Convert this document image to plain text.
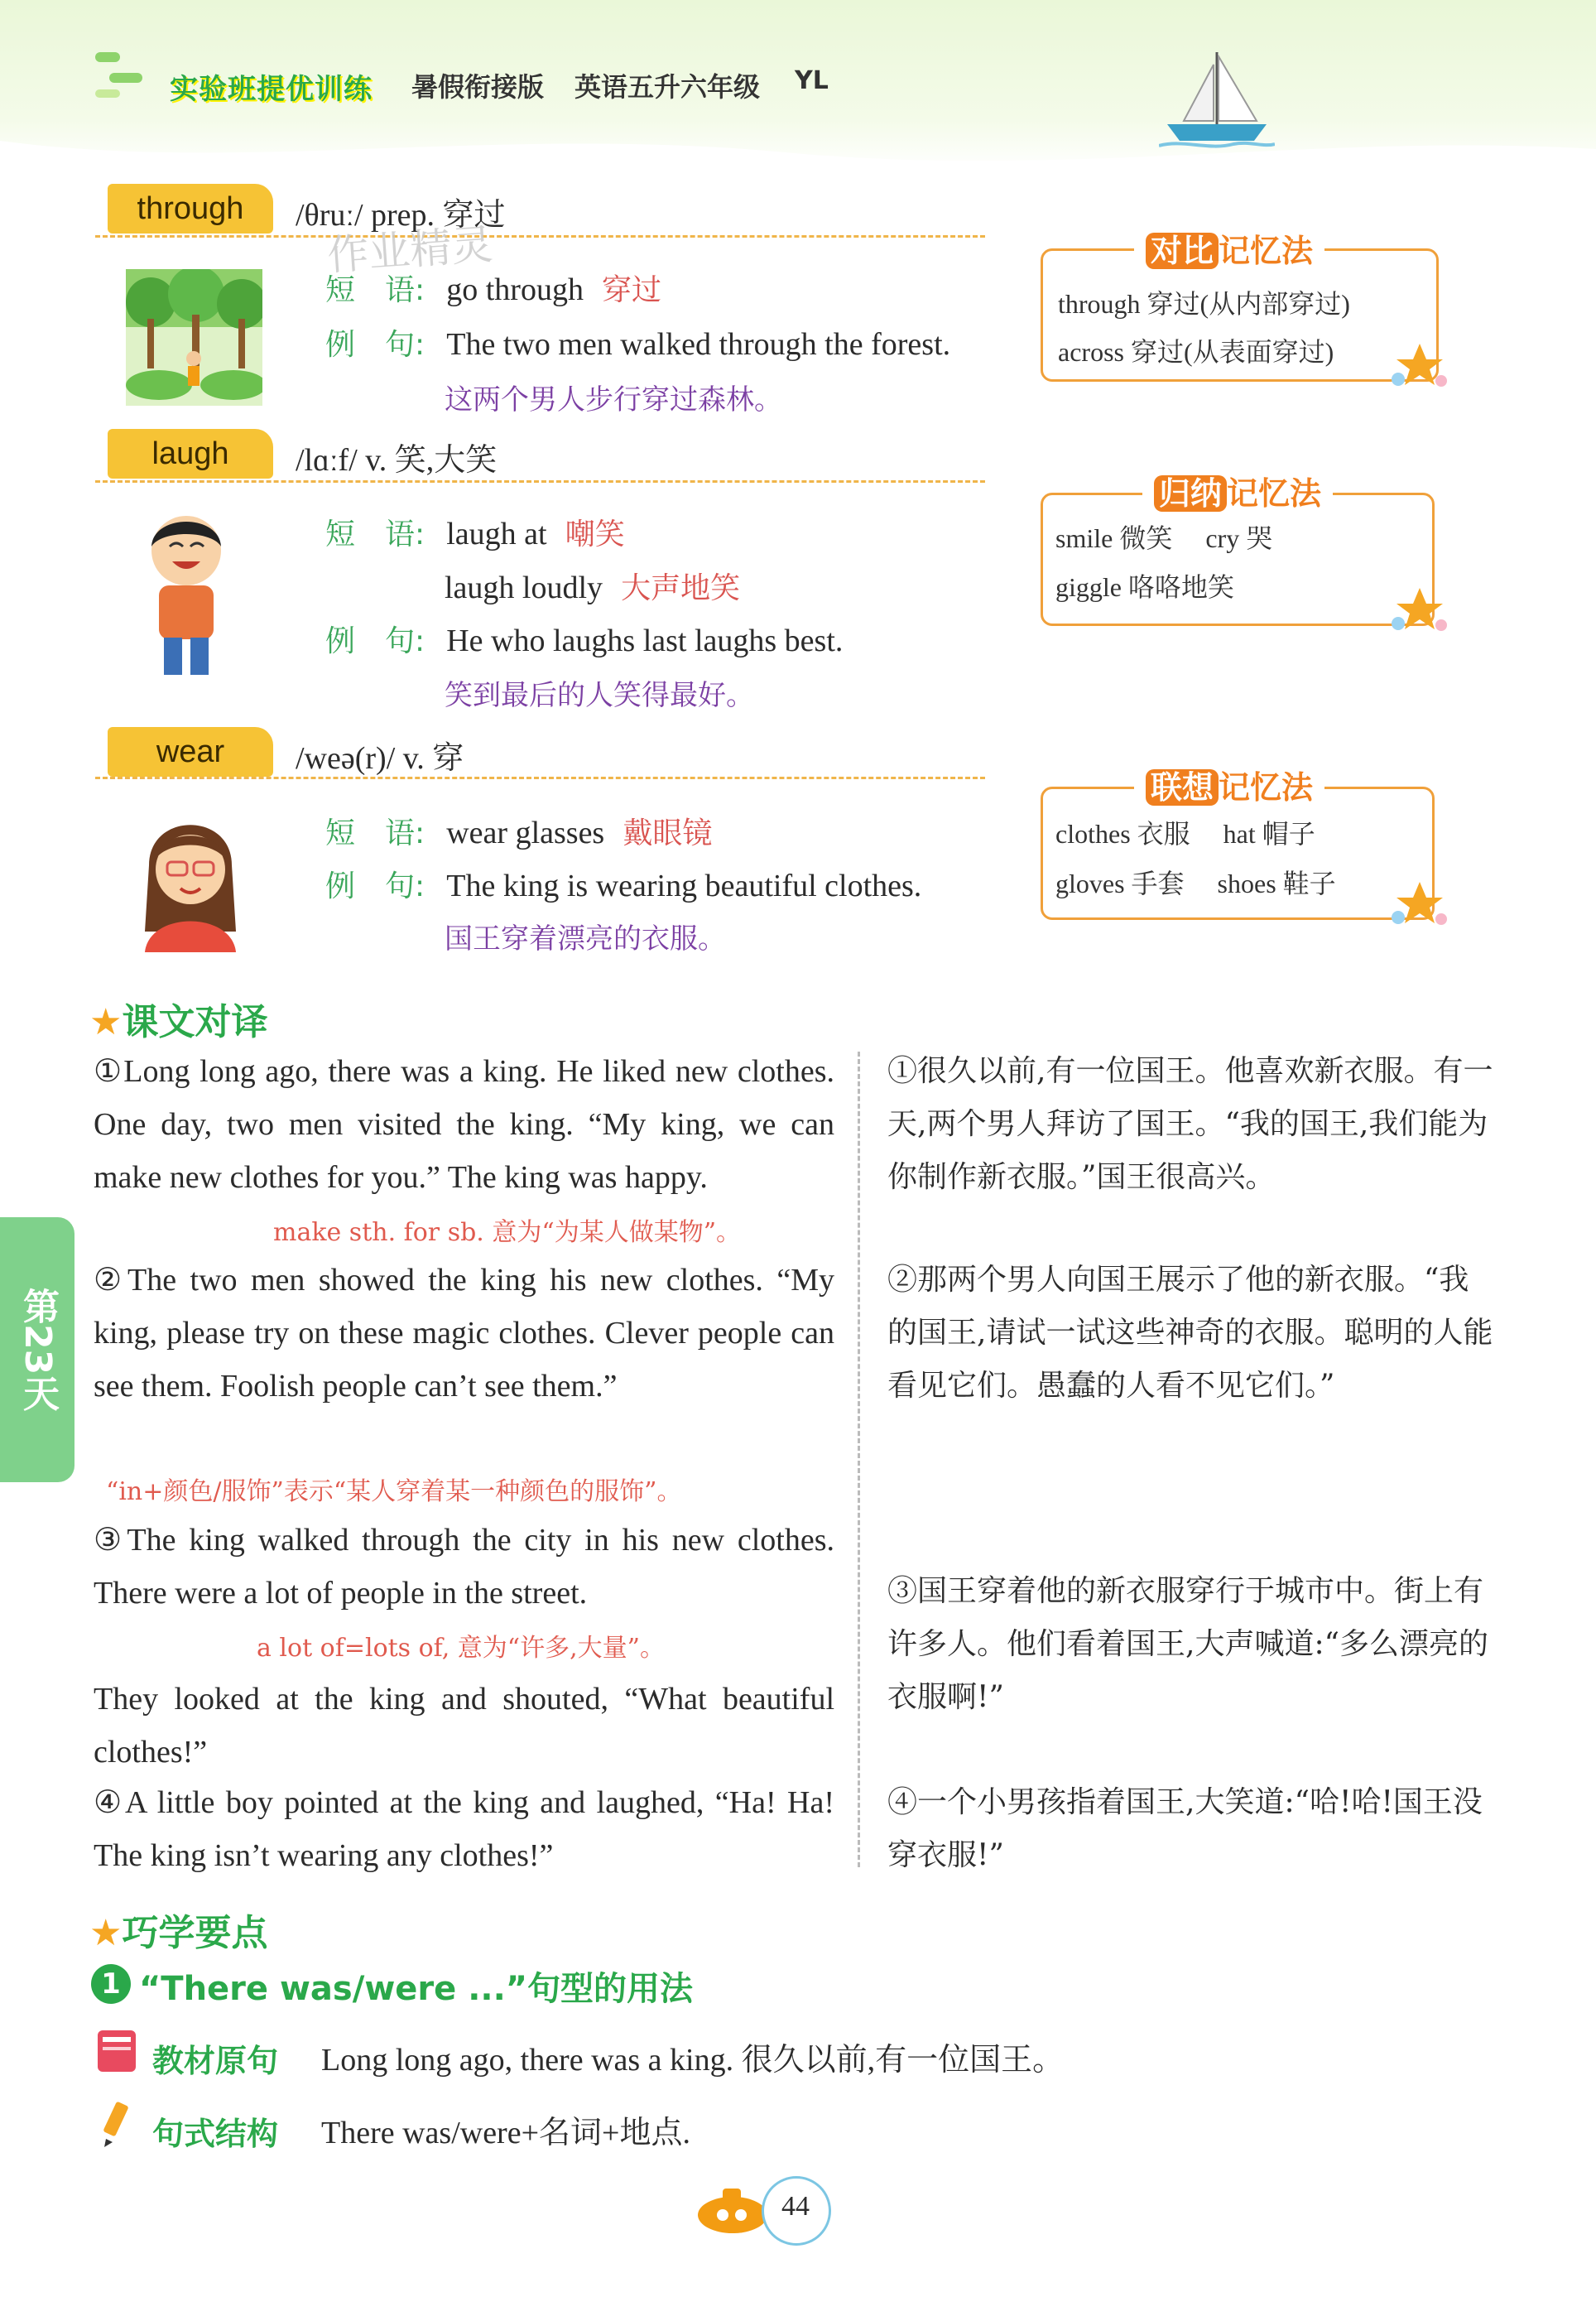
实验班提优训练 暑假衔接版 英语五升六年级 YL
through	/θruː/ prep. 穿过
作业精灵
短　语: go through 穿过
例　句: The two men walked through the forest.
这两个男人步行穿过森林。
对比 记忆法
through 穿过(从内部穿过)
across 穿过(从表面穿过)
laugh	/lɑːf/ v. 笑,大笑
短　语: laugh at 嘲笑
laugh loudly 大声地笑
例　句: He who laughs last laughs best.
笑到最后的人笑得最好。
归纳 记忆法
smile 微笑　 cry 哭
giggle 咯咯地笑
wear	/weə(r)/ v. 穿
短　语: wear glasses 戴眼镜
例　句: The king is wearing beautiful clothes.
国王穿着漂亮的衣服。
联想 记忆法
clothes 衣服　 hat 帽子
gloves 手套　 shoes 鞋子
★课文对译
第23天
①Long long ago, there was a king. He liked new clothes. One day, two men visited the king. “My king, we can make new clothes for you.” The king was happy.
make sth. for sb. 意为“为某人做某物”。
①很久以前,有一位国王。他喜欢新衣服。有一天,两个男人拜访了国王。“我的国王,我们能为你制作新衣服。”国王很高兴。
②The two men showed the king his new clothes. “My king, please try on these magic clothes. Clever people can see them. Foolish people can’t see them.”
②那两个男人向国王展示了他的新衣服。“我的国王,请试一试这些神奇的衣服。聪明的人能看见它们。愚蠢的人看不见它们。”
“in+颜色/服饰”表示“某人穿着某一种颜色的服饰”。
③The king walked through the city in his new clothes. There were a lot of people in the street.
a lot of=lots of, 意为“许多,大量”。
They looked at the king and shouted, “What beautiful clothes!”
③国王穿着他的新衣服穿行于城市中。街上有许多人。他们看着国王,大声喊道:“多么漂亮的衣服啊!”
④A little boy pointed at the king and laughed, “Ha! Ha! The king isn’t wearing any clothes!”
④一个小男孩指着国王,大笑道:“哈!哈!国王没穿衣服!”
★巧学要点
1 “There was/were ...”句型的用法
教材原句 Long long ago, there was a king. 很久以前,有一位国王。
句式结构 There was/were+名词+地点.
44
